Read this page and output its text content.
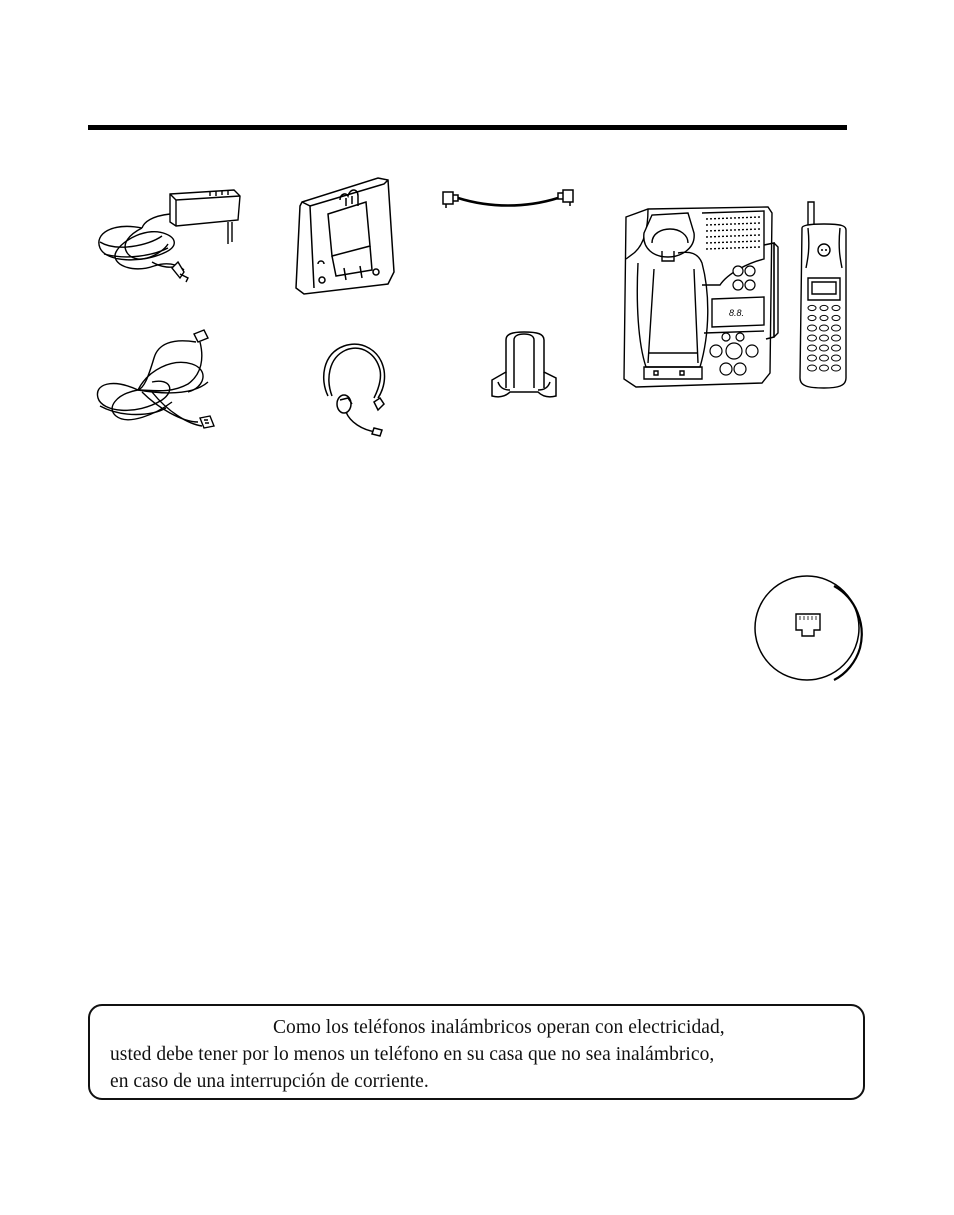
8.8.
Como los teléfonos inalámbricos operan con electricidad,
usted debe tener por lo menos un teléfono en su casa que no sea inalámbrico,
en caso de una interrupción de corriente.
